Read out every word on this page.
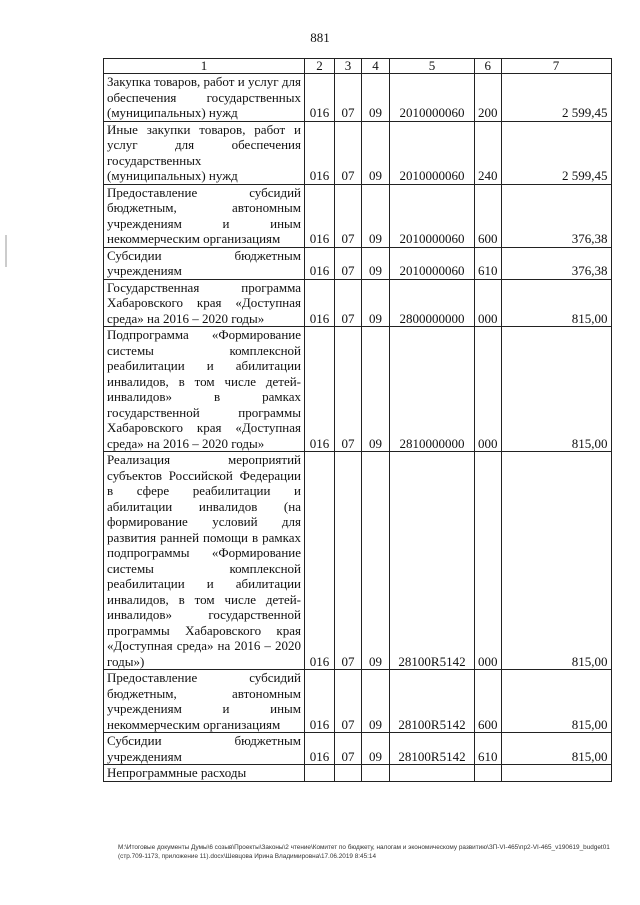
881
1	2	3	4	5	6	7
Закупка товаров, работ и услуг для обеспечения государственных (муниципальных) нужд	016	07	09	2010000060	200	2 599,45
Иные закупки товаров, работ и услуг для обеспечения государственных (муниципальных) нужд	016	07	09	2010000060	240	2 599,45
Предоставление субсидий бюджетным, автономным учреждениям и иным некоммерческим организациям	016	07	09	2010000060	600	376,38
Субсидии бюджетным учреждениям	016	07	09	2010000060	610	376,38
Государственная программа Хабаровского края «Доступная среда» на 2016 – 2020 годы»	016	07	09	2800000000	000	815,00
Подпрограмма «Формирование системы комплексной реабилитации и абилитации инвалидов, в том числе детей-инвалидов» в рамках государственной программы Хабаровского края «Доступная среда» на 2016 – 2020 годы»	016	07	09	2810000000	000	815,00
Реализация мероприятий субъектов Российской Федерации в сфере реабилитации и абилитации инвалидов (на формирование условий для развития ранней помощи в рамках подпрограммы «Формирование системы комплексной реабилитации и абилитации инвалидов, в том числе детей-инвалидов» государственной программы Хабаровского края «Доступная среда» на 2016 – 2020 годы»)	016	07	09	28100R5142	000	815,00
Предоставление субсидий бюджетным, автономным учреждениям и иным некоммерческим организациям	016	07	09	28100R5142	600	815,00
Субсидии бюджетным учреждениям	016	07	09	28100R5142	610	815,00
Непрограммные расходы						
M:\Итоговые документы Думы\6 созыв\Проекты\Законы\2 чтение\Комитет по бюджету, налогам и экономическому развитию\ЗП-VI-465\пр2-VI-465_v190619_budget01 (стр.709-1173, приложение 11).docx\Шевцова Ирина Владимировна\17.06.2019 8:45:14
